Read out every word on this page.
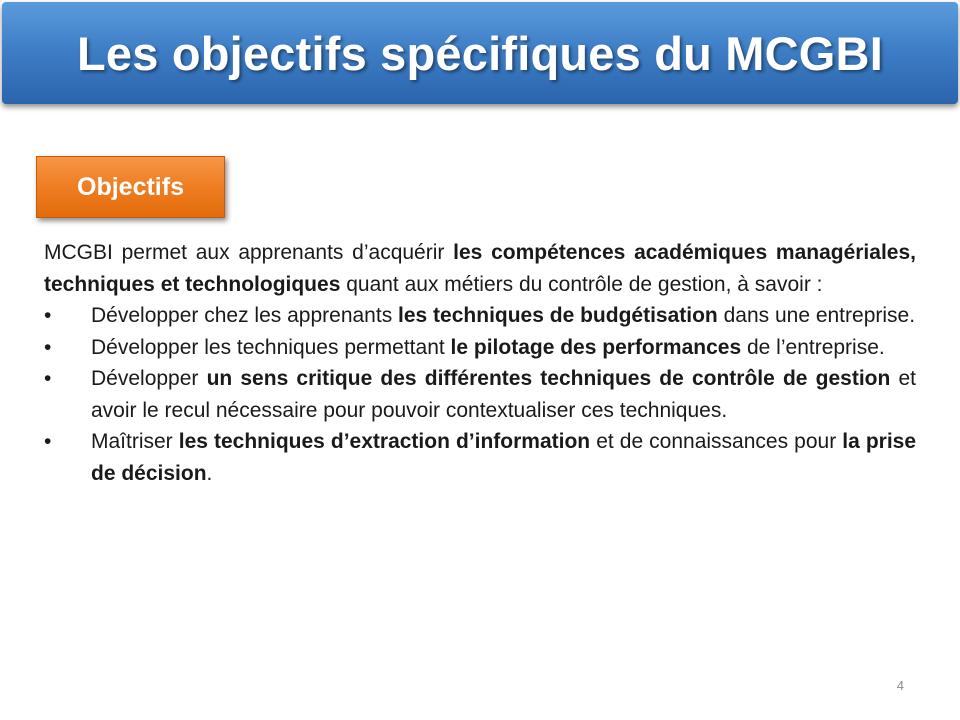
Les objectifs spécifiques du MCGBI
Objectifs

MCGBI permet aux apprenants d’acquérir les compétences académiques managériales, techniques et technologiques quant aux métiers du contrôle de gestion, à savoir :

• Développer chez les apprenants les techniques de budgétisation dans une entreprise.
• Développer les techniques permettant le pilotage des performances de l’entreprise.
• Développer un sens critique des différentes techniques de contrôle de gestion et avoir le recul nécessaire pour pouvoir contextualiser ces techniques.
• Maîtriser les techniques d’extraction d’information et de connaissances pour la prise de décision.
4
